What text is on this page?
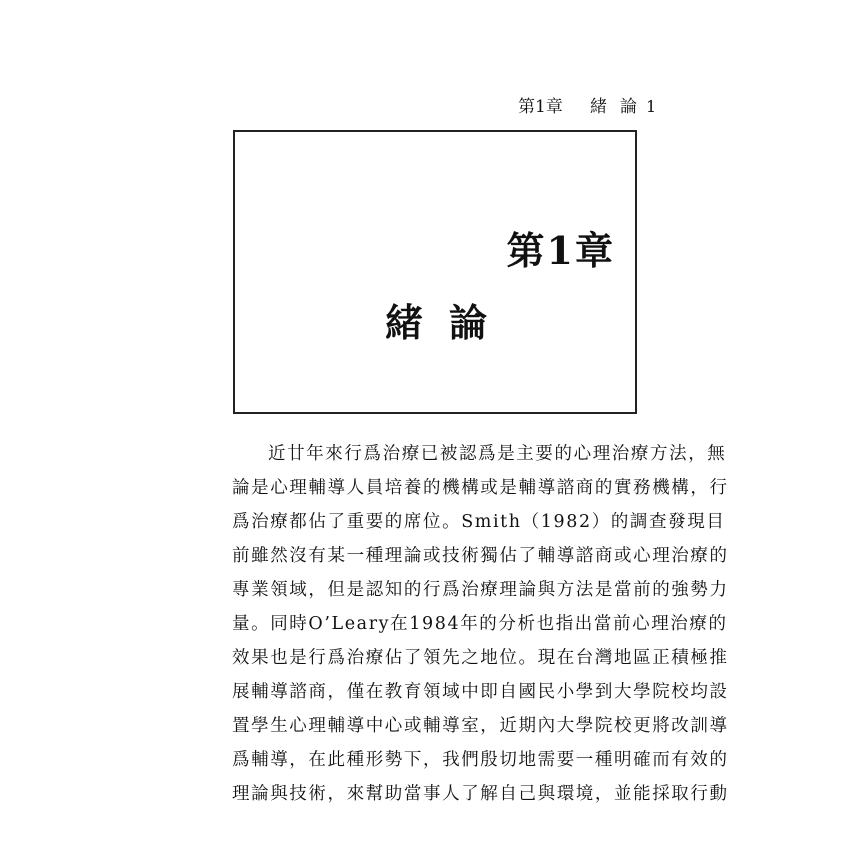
第1章 緒 論 1
第1章
緒論
近廿年來行爲治療已被認爲是主要的心理治療方法，無
論是心理輔導人員培養的機構或是輔導諮商的實務機構，行
爲治療都佔了重要的席位。Smith（1982）的調查發現目
前雖然沒有某一種理論或技術獨佔了輔導諮商或心理治療的
專業領域，但是認知的行爲治療理論與方法是當前的強勢力
量。同時O’Leary在1984年的分析也指出當前心理治療的
效果也是行爲治療佔了領先之地位。現在台灣地區正積極推
展輔導諮商，僅在教育領域中即自國民小學到大學院校均設
置學生心理輔導中心或輔導室，近期內大學院校更將改訓導
爲輔導，在此種形勢下，我們殷切地需要一種明確而有效的
理論與技術，來幫助當事人了解自己與環境，並能採取行動
